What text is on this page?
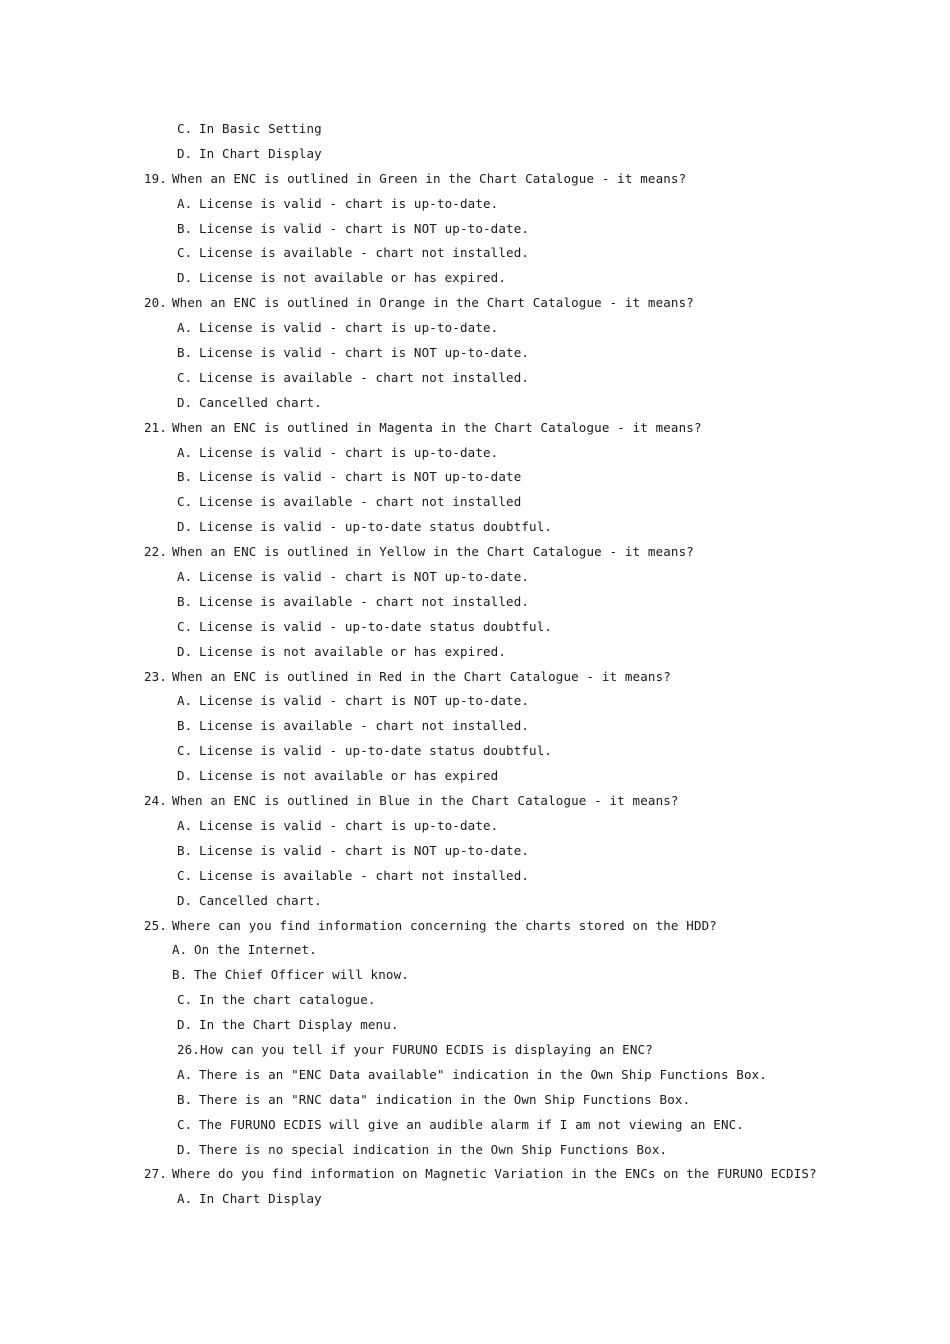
C. In Basic Setting
D. In Chart Display
19. When an ENC is outlined in Green in the Chart Catalogue - it means?
A. License is valid - chart is up-to-date.
B. License is valid - chart is NOT up-to-date.
C. License is available - chart not installed.
D. License is not available or has expired.
20. When an ENC is outlined in Orange in the Chart Catalogue - it means?
A. License is valid - chart is up-to-date.
B. License is valid - chart is NOT up-to-date.
C. License is available - chart not installed.
D. Cancelled chart.
21. When an ENC is outlined in Magenta in the Chart Catalogue - it means?
A. License is valid - chart is up-to-date.
B. License is valid - chart is NOT up-to-date
C. License is available - chart not installed
D. License is valid - up-to-date status doubtful.
22. When an ENC is outlined in Yellow in the Chart Catalogue - it means?
A. License is valid - chart is NOT up-to-date.
B. License is available - chart not installed.
C. License is valid - up-to-date status doubtful.
D. License is not available or has expired.
23. When an ENC is outlined in Red in the Chart Catalogue - it means?
A. License is valid - chart is NOT up-to-date.
B. License is available - chart not installed.
C. License is valid - up-to-date status doubtful.
D. License is not available or has expired
24. When an ENC is outlined in Blue in the Chart Catalogue - it means?
A. License is valid - chart is up-to-date.
B. License is valid - chart is NOT up-to-date.
C. License is available - chart not installed.
D. Cancelled chart.
25. Where can you find information concerning the charts stored on the HDD?
A. On the Internet.
B. The Chief Officer will know.
C. In the chart catalogue.
D. In the Chart Display menu.
26.How can you tell if your FURUNO ECDIS is displaying an ENC?
A. There is an "ENC Data available" indication in the Own Ship Functions Box.
B. There is an "RNC data" indication in the Own Ship Functions Box.
C. The FURUNO ECDIS will give an audible alarm if I am not viewing an ENC.
D. There is no special indication in the Own Ship Functions Box.
27. Where do you find information on Magnetic Variation in the ENCs on the FURUNO ECDIS?
A. In Chart Display
